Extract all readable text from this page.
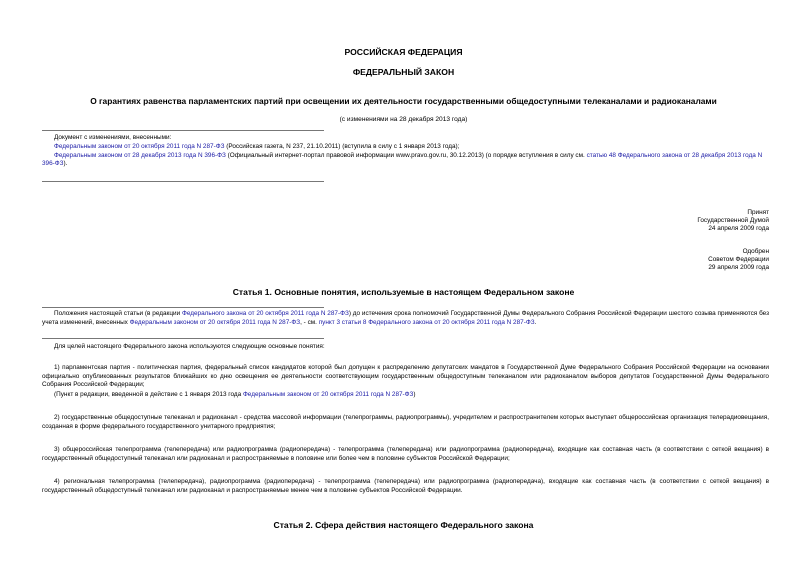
РОССИЙСКАЯ ФЕДЕРАЦИЯ
ФЕДЕРАЛЬНЫЙ ЗАКОН
О гарантиях равенства парламентских партий при освещении их деятельности государственными общедоступными телеканалами и радиоканалами
(с изменениями на 28 декабря 2013 года)
Документ с изменениями, внесенными:
Федеральным законом от 20 октября 2011 года N 287-ФЗ (Российская газета, N 237, 21.10.2011) (вступила в силу с 1 января 2013 года);
Федеральным законом от 28 декабря 2013 года N 396-ФЗ (Официальный интернет-портал правовой информации www.pravo.gov.ru, 30.12.2013) (о порядке вступления в силу см. статью 48 Федерального закона от 28 декабря 2013 года N 396-ФЗ).
Принят
Государственной Думой
24 апреля 2009 года
Одобрен
Советом Федерации
29 апреля 2009 года
Статья 1. Основные понятия, используемые в настоящем Федеральном законе
Положения настоящей статьи (в редакции Федерального закона от 20 октября 2011 года N 287-ФЗ) до истечения срока полномочий Государственной Думы Федерального Собрания Российской Федерации шестого созыва применяются без учета изменений, внесенных Федеральным законом от 20 октября 2011 года N 287-ФЗ, - см. пункт 3 статьи 8 Федерального закона от 20 октября 2011 года N 287-ФЗ.
Для целей настоящего Федерального закона используются следующие основные понятия:
1) парламентская партия - политическая партия, федеральный список кандидатов которой был допущен к распределению депутатских мандатов в Государственной Думе Федерального Собрания Российской Федерации на основании официально опубликованных результатов ближайших ко дню освещения ее деятельности соответствующим государственным общедоступным телеканалом или радиоканалом выборов депутатов Государственной Думы Федерального Собрания Российской Федерации;
(Пункт в редакции, введенной в действие с 1 января 2013 года Федеральным законом от 20 октября 2011 года N 287-ФЗ)
2) государственные общедоступные телеканал и радиоканал - средства массовой информации (телепрограммы, радиопрограммы), учредителем и распространителем которых выступает общероссийская организация телерадиовещания, созданная в форме федерального государственного унитарного предприятия;
3) общероссийская телепрограмма (телепередача) или радиопрограмма (радиопередача) - телепрограмма (телепередача) или радиопрограмма (радиопередача), входящие как составная часть (в соответствии с сеткой вещания) в государственный общедоступный телеканал или радиоканал и распространяемые в половине или более чем в половине субъектов Российской Федерации;
4) региональная телепрограмма (телепередача), радиопрограмма (радиопередача) - телепрограмма (телепередача) или радиопрограмма (радиопередача), входящие как составная часть (в соответствии с сеткой вещания) в государственный общедоступный телеканал или радиоканал и распространяемые менее чем в половине субъектов Российской Федерации.
Статья 2. Сфера действия настоящего Федерального закона
